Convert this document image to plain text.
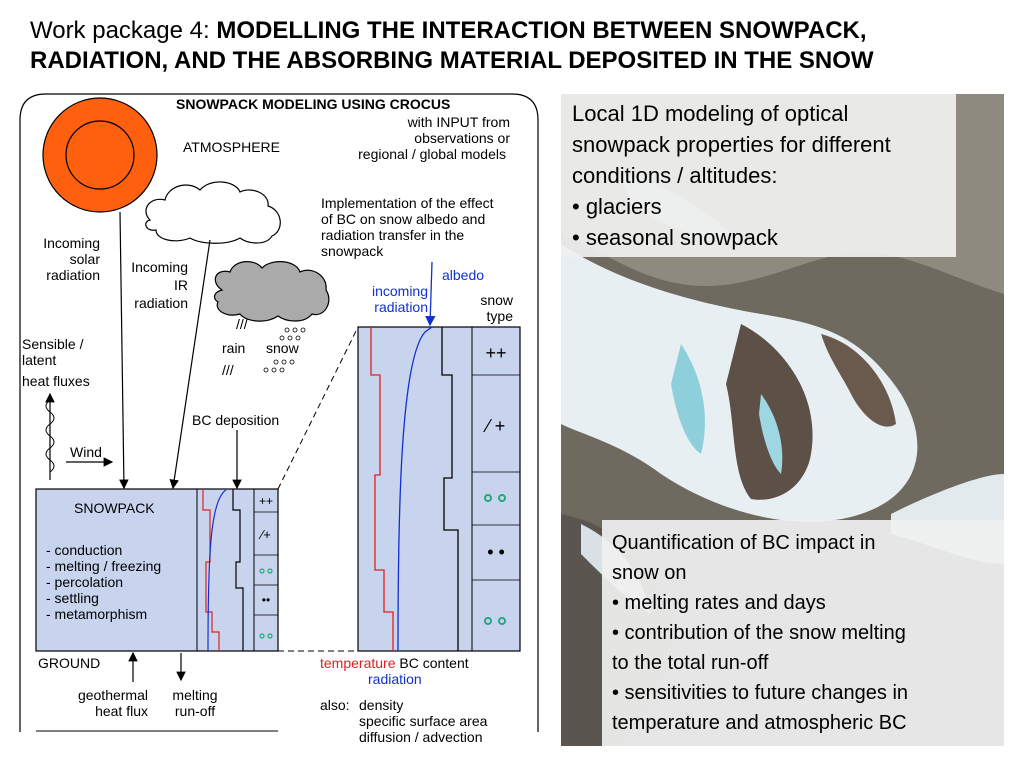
Work package 4: MODELLING THE INTERACTION BETWEEN SNOWPACK,
RADIATION, AND THE ABSORBING MATERIAL DEPOSITED IN THE SNOW
SNOWPACK MODELING USING CROCUS
with INPUT from
observations or
regional / global models
ATMOSPHERE
Incoming
solar
radiation	Incoming
IR
radiation
///
rain snow
///
Sensible /
latent
heat fluxes
Wind
BC deposition
Implementation of the effect
of BC on snow albedo and
radiation transfer in the
snowpack
incoming
radiation
albedo
snow
type
SNOWPACK
- conduction
- melting / freezing
- percolation
- settling
- metamorphism
++
⁄+
••
++
⁄ +
• •
GROUND
geothermal
heat flux
melting
run-off
temperature BC content
radiation
also: density
specific surface area
diffusion / advection
Local 1D modeling of optical
snowpack properties for different
conditions / altitudes:
• glaciers
• seasonal snowpack
Quantification of BC impact in
snow on
• melting rates and days
• contribution of the snow melting
to the total run-off
• sensitivities to future changes in
temperature and atmospheric BC
